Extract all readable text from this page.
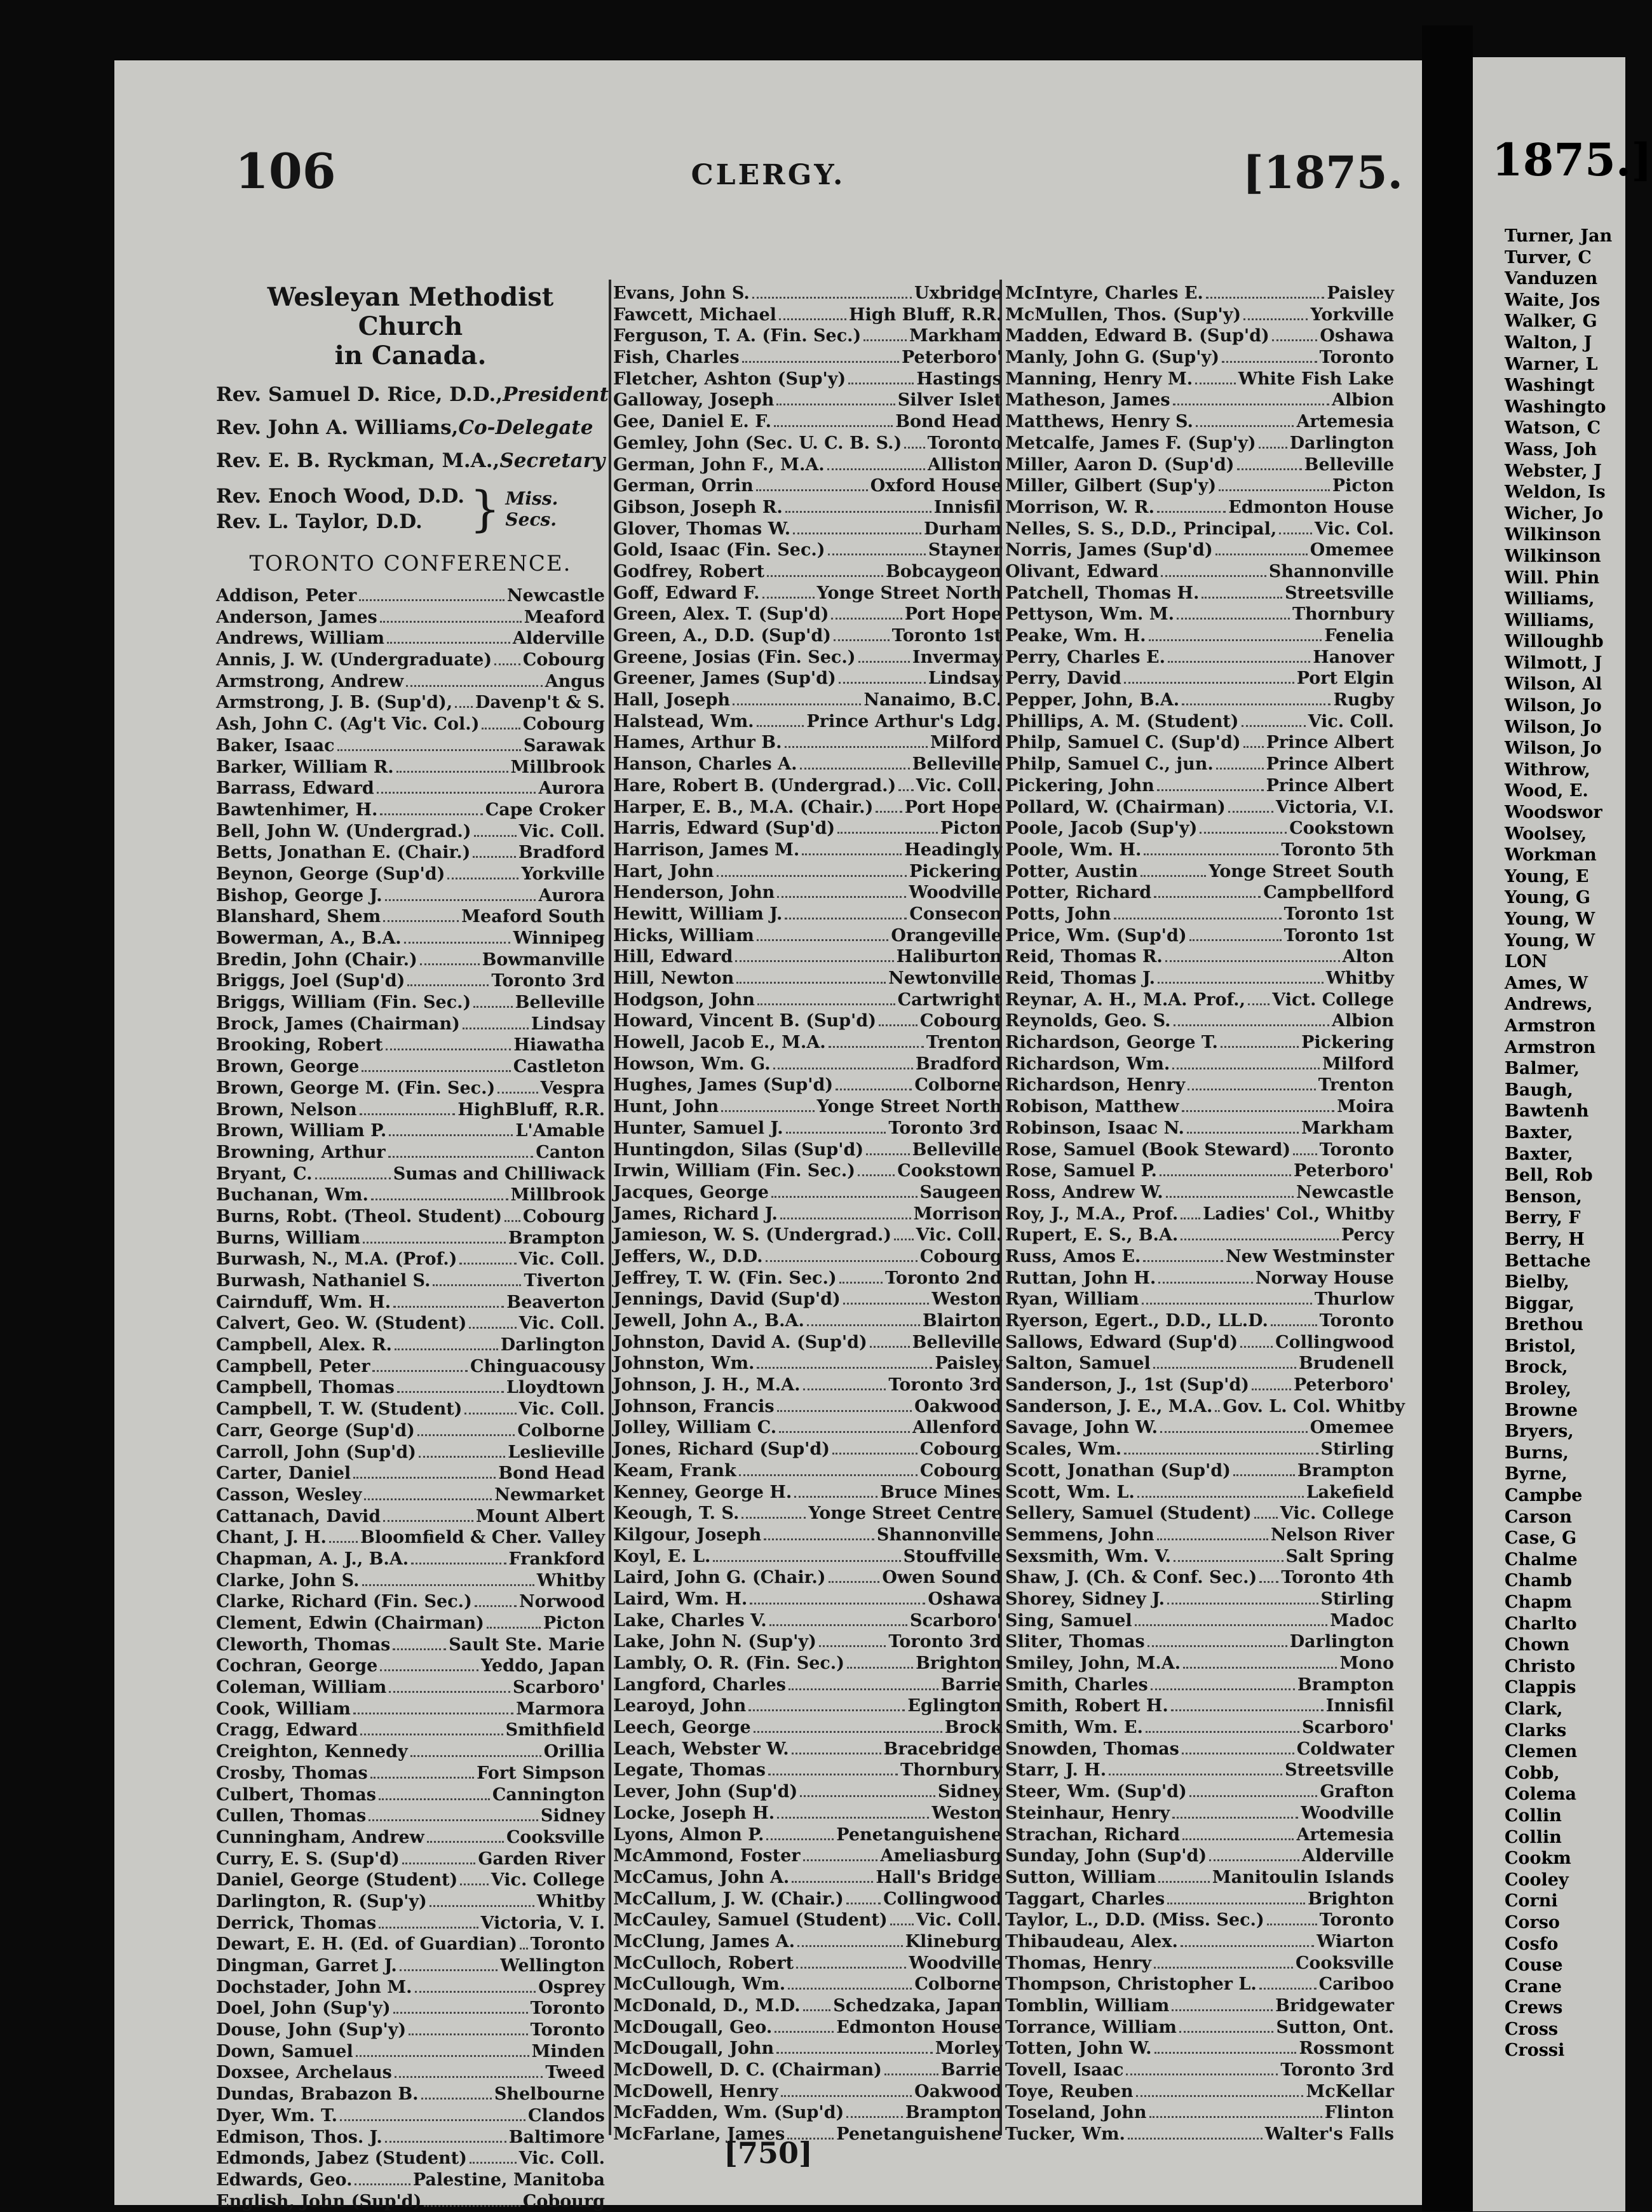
1875.]
Turner, Jan
Turver, C
Vanduzen
Waite, Jos
Walker, G
Walton, J
Warner, L
Washingt
Washingto
Watson, C
Wass, Joh
Webster, J
Weldon, Is
Wicher, Jo
Wilkinson
Wilkinson
Will. Phin
Williams,
Williams,
Willoughb
Wilmott, J
Wilson, Al
Wilson, Jo
Wilson, Jo
Wilson, Jo
Withrow,
Wood, E.
Woodswor
Woolsey,
Workman
Young, E
Young, G
Young, W
Young, W
LON
Ames, W
Andrews,
Armstron
Armstron
Balmer,
Baugh,
Bawtenh
Baxter,
Baxter,
Bell, Rob
Benson,
Berry, F
Berry, H
Bettache
Bielby,
Biggar,
Brethou
Bristol,
Brock,
Broley,
Browne
Bryers,
Burns,
Byrne,
Campbe
Carson
Case, G
Chalme
Chamb
Chapm
Charlto
Chown
Christo
Clappis
Clark,
Clarks
Clemen
Cobb,
Colema
Collin
Collin
Cookm
Cooley
Corni
Corso
Cosfo
Couse
Crane
Crews
Cross
Crossi
106	CLERGY.	[1875.
Wesleyan Methodist Church
in Canada.
Rev. Samuel D. Rice, D.D., President
Rev. John A. Williams, Co-Delegate
Rev. E. B. Ryckman, M.A., Secretary
Rev. Enoch Wood, D.D.
Rev. L. Taylor, D.D. } Miss. Secs.
TORONTO CONFERENCE.
Addison, Peter	Newcastle
Anderson, James	Meaford
Andrews, William	Alderville
Annis, J. W. (Undergraduate) Cobourg
Armstrong, Andrew	Angus
Armstrong, J. B. (Sup'd), Davenp't & S.
Ash, John C. (Ag't Vic. Col.)	Cobourg
Baker, Isaac	Sarawak
Barker, William R.	Millbrook
Barrass, Edward	Aurora
Bawtenhimer, H.	Cape Croker
Bell, John W. (Undergrad.)	Vic. Coll.
Betts, Jonathan E. (Chair.)	Bradford
Beynon, George (Sup'd)	Yorkville
Bishop, George J.	Aurora
Blanshard, Shem	Meaford South
Bowerman, A., B.A.	Winnipeg
Bredin, John (Chair.)	Bowmanville
Briggs, Joel (Sup'd)	Toronto 3rd
Briggs, William (Fin. Sec.)	Belleville
Brock, James (Chairman)	Lindsay
Brooking, Robert	Hiawatha
Brown, George	Castleton
Brown, George M. (Fin. Sec.)	Vespra
Brown, Nelson	HighBluff, R.R.
Brown, William P.	L'Amable
Browning, Arthur	Canton
Bryant, C.	Sumas and Chilliwack
Buchanan, Wm.	Millbrook
Burns, Robt. (Theol. Student) Cobourg
Burns, William	Brampton
Burwash, N., M.A. (Prof.)	Vic. Coll.
Burwash, Nathaniel S.	Tiverton
Cairnduff, Wm. H.	Beaverton
Calvert, Geo. W. (Student)	Vic. Coll.
Campbell, Alex. R.	Darlington
Campbell, Peter	Chinguacousy
Campbell, Thomas	Lloydtown
Campbell, T. W. (Student)	Vic. Coll.
Carr, George (Sup'd)	Colborne
Carroll, John (Sup'd)	Leslieville
Carter, Daniel	Bond Head
Casson, Wesley	Newmarket
Cattanach, David	Mount Albert
Chant, J. H. Bloomfield & Cher. Valley
Chapman, A. J., B.A.	Frankford
Clarke, John S.	Whitby
Clarke, Richard (Fin. Sec.)	Norwood
Clement, Edwin (Chairman)	Picton
Cleworth, Thomas	Sault Ste. Marie
Cochran, George	Yeddo, Japan
Coleman, William	Scarboro'
Cook, William	Marmora
Cragg, Edward	Smithfield
Creighton, Kennedy	Orillia
Crosby, Thomas	Fort Simpson
Culbert, Thomas	Cannington
Cullen, Thomas	Sidney
Cunningham, Andrew	Cooksville
Curry, E. S. (Sup'd)	Garden River
Daniel, George (Student) Vic. College
Darlington, R. (Sup'y)	Whitby
Derrick, Thomas	Victoria, V. I.
Dewart, E. H. (Ed. of Guardian) Toronto
Dingman, Garret J.	Wellington
Dochstader, John M.	Osprey
Doel, John (Sup'y)	Toronto
Douse, John (Sup'y)	Toronto
Down, Samuel	Minden
Doxsee, Archelaus	Tweed
Dundas, Brabazon B.	Shelbourne
Dyer, Wm. T.	Clandos
Edmison, Thos. J.	Baltimore
Edmonds, Jabez (Student)	Vic. Coll.
Edwards, Geo.	Palestine, Manitoba
English, John (Sup'd)	Cobourg
Evans, John S.	Uxbridge
Fawcett, Michael	High Bluff, R.R.
Ferguson, T. A. (Fin. Sec.)	Markham
Fish, Charles	Peterboro'
Fletcher, Ashton (Sup'y)	Hastings
Galloway, Joseph	Silver Islet
Gee, Daniel E. F.	Bond Head
Gemley, John (Sec. U. C. B. S.) Toronto
German, John F., M.A.	Alliston
German, Orrin	Oxford House
Gibson, Joseph R.	Innisfil
Glover, Thomas W.	Durham
Gold, Isaac (Fin. Sec.)	Stayner
Godfrey, Robert	Bobcaygeon
Goff, Edward F.	Yonge Street North
Green, Alex. T. (Sup'd)	Port Hope
Green, A., D.D. (Sup'd)	Toronto 1st
Greene, Josias (Fin. Sec.)	Invermay
Greener, James (Sup'd)	Lindsay
Hall, Joseph	Nanaimo, B.C.
Halstead, Wm.	Prince Arthur's Ldg.
Hames, Arthur B.	Milford
Hanson, Charles A.	Belleville
Hare, Robert B. (Undergrad.) Vic. Coll.
Harper, E. B., M.A. (Chair.) Port Hope
Harris, Edward (Sup'd)	Picton
Harrison, James M.	Headingly
Hart, John	Pickering
Henderson, John	Woodville
Hewitt, William J.	Consecon
Hicks, William	Orangeville
Hill, Edward	Haliburton
Hill, Newton	Newtonville
Hodgson, John	Cartwright
Howard, Vincent B. (Sup'd)	Cobourg
Howell, Jacob E., M.A.	Trenton
Howson, Wm. G.	Bradford
Hughes, James (Sup'd)	Colborne
Hunt, John	Yonge Street North
Hunter, Samuel J.	Toronto 3rd
Huntingdon, Silas (Sup'd)	Belleville
Irwin, William (Fin. Sec.) Cookstown
Jacques, George	Saugeen
James, Richard J.	Morrison
Jamieson, W. S. (Undergrad.) Vic. Coll.
Jeffers, W., D.D.	Cobourg
Jeffrey, T. W. (Fin. Sec.)	Toronto 2nd
Jennings, David (Sup'd)	Weston
Jewell, John A., B.A.	Blairton
Johnston, David A. (Sup'd)	Belleville
Johnston, Wm.	Paisley
Johnson, J. H., M.A.	Toronto 3rd
Johnson, Francis	Oakwood
Jolley, William C.	Allenford
Jones, Richard (Sup'd)	Cobourg
Keam, Frank	Cobourg
Kenney, George H.	Bruce Mines
Keough, T. S.	Yonge Street Centre
Kilgour, Joseph	Shannonville
Koyl, E. L.	Stouffville
Laird, John G. (Chair.)	Owen Sound
Laird, Wm. H.	Oshawa
Lake, Charles V.	Scarboro'
Lake, John N. (Sup'y)	Toronto 3rd
Lambly, O. R. (Fin. Sec.)	Brighton
Langford, Charles	Barrie
Learoyd, John	Eglington
Leech, George	Brock
Leach, Webster W.	Bracebridge
Legate, Thomas	Thornbury
Lever, John (Sup'd)	Sidney
Locke, Joseph H.	Weston
Lyons, Almon P.	Penetanguishene
McAmmond, Foster	Ameliasburg
McCamus, John A.	Hall's Bridge
McCallum, J. W. (Chair.) Collingwood
McCauley, Samuel (Student) Vic. Coll.
McClung, James A.	Klineburg
McCulloch, Robert	Woodville
McCullough, Wm.	Colborne
McDonald, D., M.D. Schedzaka, Japan
McDougall, Geo.	Edmonton House
McDougall, John	Morley
McDowell, D. C. (Chairman)	Barrie
McDowell, Henry	Oakwood
McFadden, Wm. (Sup'd)	Brampton
McFarlane, James	Penetanguishene
McIntyre, Charles E.	Paisley
McMullen, Thos. (Sup'y)	Yorkville
Madden, Edward B. (Sup'd)	Oshawa
Manly, John G. (Sup'y)	Toronto
Manning, Henry M.	White Fish Lake
Matheson, James	Albion
Matthews, Henry S.	Artemesia
Metcalfe, James F. (Sup'y) Darlington
Miller, Aaron D. (Sup'd)	Belleville
Miller, Gilbert (Sup'y)	Picton
Morrison, W. R.	Edmonton House
Nelles, S. S., D.D., Principal, Vic. Col.
Norris, James (Sup'd)	Omemee
Olivant, Edward	Shannonville
Patchell, Thomas H.	Streetsville
Pettyson, Wm. M.	Thornbury
Peake, Wm. H.	Fenelia
Perry, Charles E.	Hanover
Perry, David	Port Elgin
Pepper, John, B.A.	Rugby
Phillips, A. M. (Student)	Vic. Coll.
Philp, Samuel C. (Sup'd) Prince Albert
Philp, Samuel C., jun.	Prince Albert
Pickering, John	Prince Albert
Pollard, W. (Chairman)	Victoria, V.I.
Poole, Jacob (Sup'y)	Cookstown
Poole, Wm. H.	Toronto 5th
Potter, Austin	Yonge Street South
Potter, Richard	Campbellford
Potts, John	Toronto 1st
Price, Wm. (Sup'd)	Toronto 1st
Reid, Thomas R.	Alton
Reid, Thomas J.	Whitby
Reynar, A. H., M.A. Prof., Vict. College
Reynolds, Geo. S.	Albion
Richardson, George T.	Pickering
Richardson, Wm.	Milford
Richardson, Henry	Trenton
Robison, Matthew	Moira
Robinson, Isaac N.	Markham
Rose, Samuel (Book Steward) Toronto
Rose, Samuel P.	Peterboro'
Ross, Andrew W.	Newcastle
Roy, J., M.A., Prof. Ladies' Col., Whitby
Rupert, E. S., B.A.	Percy
Russ, Amos E.	New Westminster
Ruttan, John H.	Norway House
Ryan, William	Thurlow
Ryerson, Egert., D.D., LL.D.	Toronto
Sallows, Edward (Sup'd) Collingwood
Salton, Samuel	Brudenell
Sanderson, J., 1st (Sup'd)	Peterboro'
Sanderson, J. E., M.A. Gov. L. Col. Whitby
Savage, John W.	Omemee
Scales, Wm.	Stirling
Scott, Jonathan (Sup'd)	Brampton
Scott, Wm. L.	Lakefield
Sellery, Samuel (Student) Vic. College
Semmens, John	Nelson River
Sexsmith, Wm. V.	Salt Spring
Shaw, J. (Ch. & Conf. Sec.) Toronto 4th
Shorey, Sidney J.	Stirling
Sing, Samuel	Madoc
Sliter, Thomas	Darlington
Smiley, John, M.A.	Mono
Smith, Charles	Brampton
Smith, Robert H.	Innisfil
Smith, Wm. E.	Scarboro'
Snowden, Thomas	Coldwater
Starr, J. H.	Streetsville
Steer, Wm. (Sup'd)	Grafton
Steinhaur, Henry	Woodville
Strachan, Richard	Artemesia
Sunday, John (Sup'd)	Alderville
Sutton, William	Manitoulin Islands
Taggart, Charles	Brighton
Taylor, L., D.D. (Miss. Sec.)	Toronto
Thibaudeau, Alex.	Wiarton
Thomas, Henry	Cooksville
Thompson, Christopher L.	Cariboo
Tomblin, William	Bridgewater
Torrance, William	Sutton, Ont.
Totten, John W.	Rossmont
Tovell, Isaac	Toronto 3rd
Toye, Reuben	McKellar
Toseland, John	Flinton
Tucker, Wm.	Walter's Falls
[750]
